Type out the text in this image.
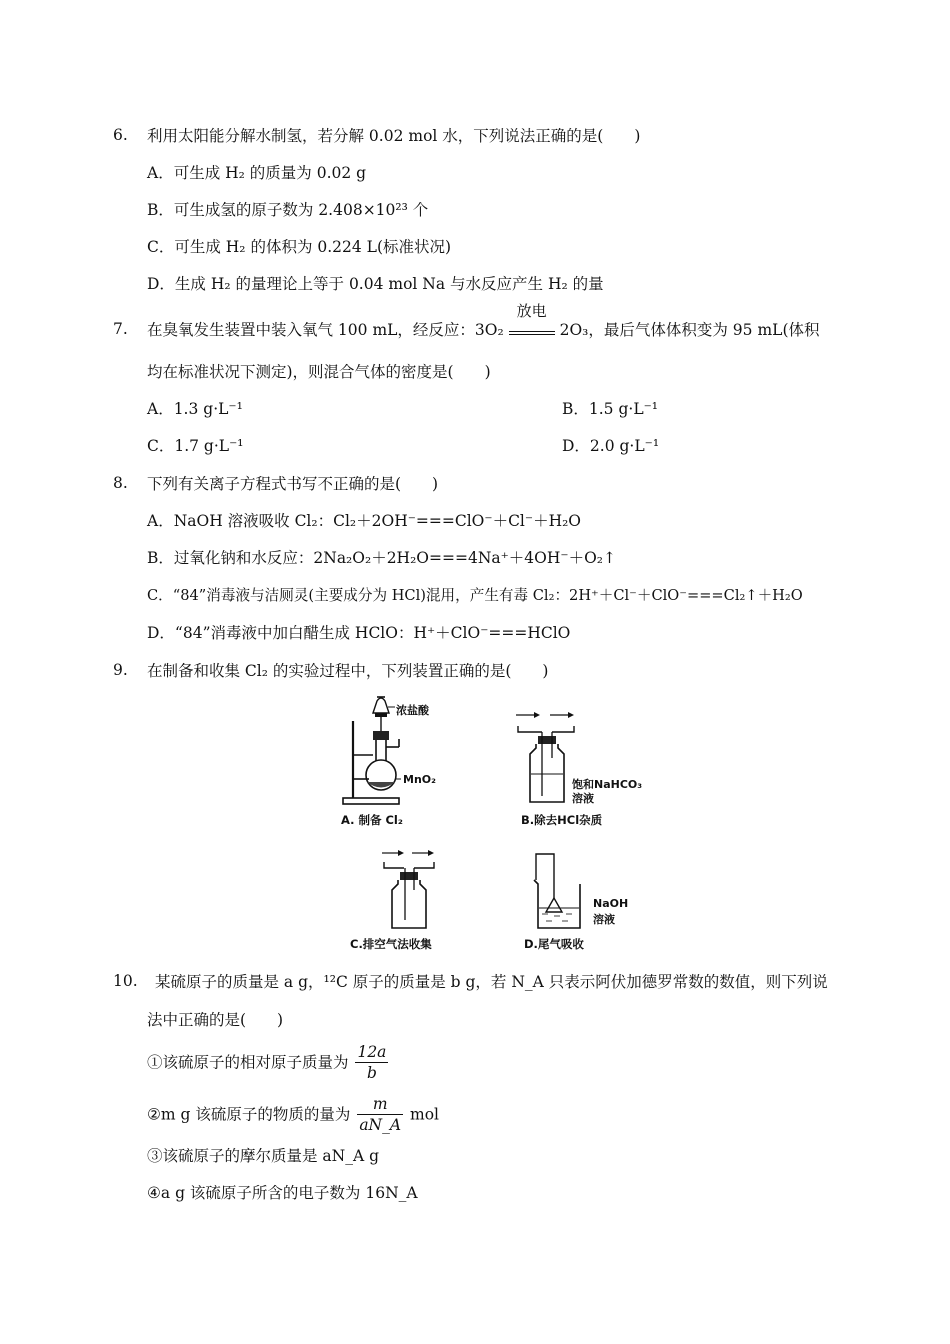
6. 利用太阳能分解水制氢，若分解 0.02 mol 水，下列说法正确的是(　　)
A．可生成 H₂ 的质量为 0.02 g
B．可生成氢的原子数为 2.408×10²³ 个
C．可生成 H₂ 的体积为 0.224 L(标准状况)
D．生成 H₂ 的量理论上等于 0.04 mol Na 与水反应产生 H₂ 的量
7. 在臭氧发生装置中装入氧气 100 mL，经反应：3O₂
放电
2O₃，最后气体体积变为 95 mL(体积
均在标准状况下测定)，则混合气体的密度是(　　)
A．1.3 g·L⁻¹	B．1.5 g·L⁻¹
C．1.7 g·L⁻¹	D．2.0 g·L⁻¹
8. 下列有关离子方程式书写不正确的是(　　)
A．NaOH 溶液吸收 Cl₂：Cl₂＋2OH⁻===ClO⁻＋Cl⁻＋H₂O
B．过氧化钠和水反应：2Na₂O₂＋2H₂O===4Na⁺＋4OH⁻＋O₂↑
C．“84”消毒液与洁厕灵(主要成分为 HCl)混用，产生有毒 Cl₂：2H⁺＋Cl⁻＋ClO⁻===Cl₂↑＋H₂O
D．“84”消毒液中加白醋生成 HClO：H⁺＋ClO⁻===HClO
9. 在制备和收集 Cl₂ 的实验过程中，下列装置正确的是(　　)
浓盐酸
MnO₂
A. 制备 Cl₂
饱和NaHCO₃
溶液
B.除去HCl杂质
C.排空气法收集
NaOH
溶液
D.尾气吸收
10. 某硫原子的质量是 a g，¹²C 原子的质量是 b g，若 N_A 只表示阿伏加德罗常数的数值，则下列说
法中正确的是(　　)
①该硫原子的相对原子质量为 $\frac{12a}{b}$
②m g 该硫原子的物质的量为 $\frac{m}{aN\_A}$ mol
③该硫原子的摩尔质量是 aN_A g
④a g 该硫原子所含的电子数为 16N_A
